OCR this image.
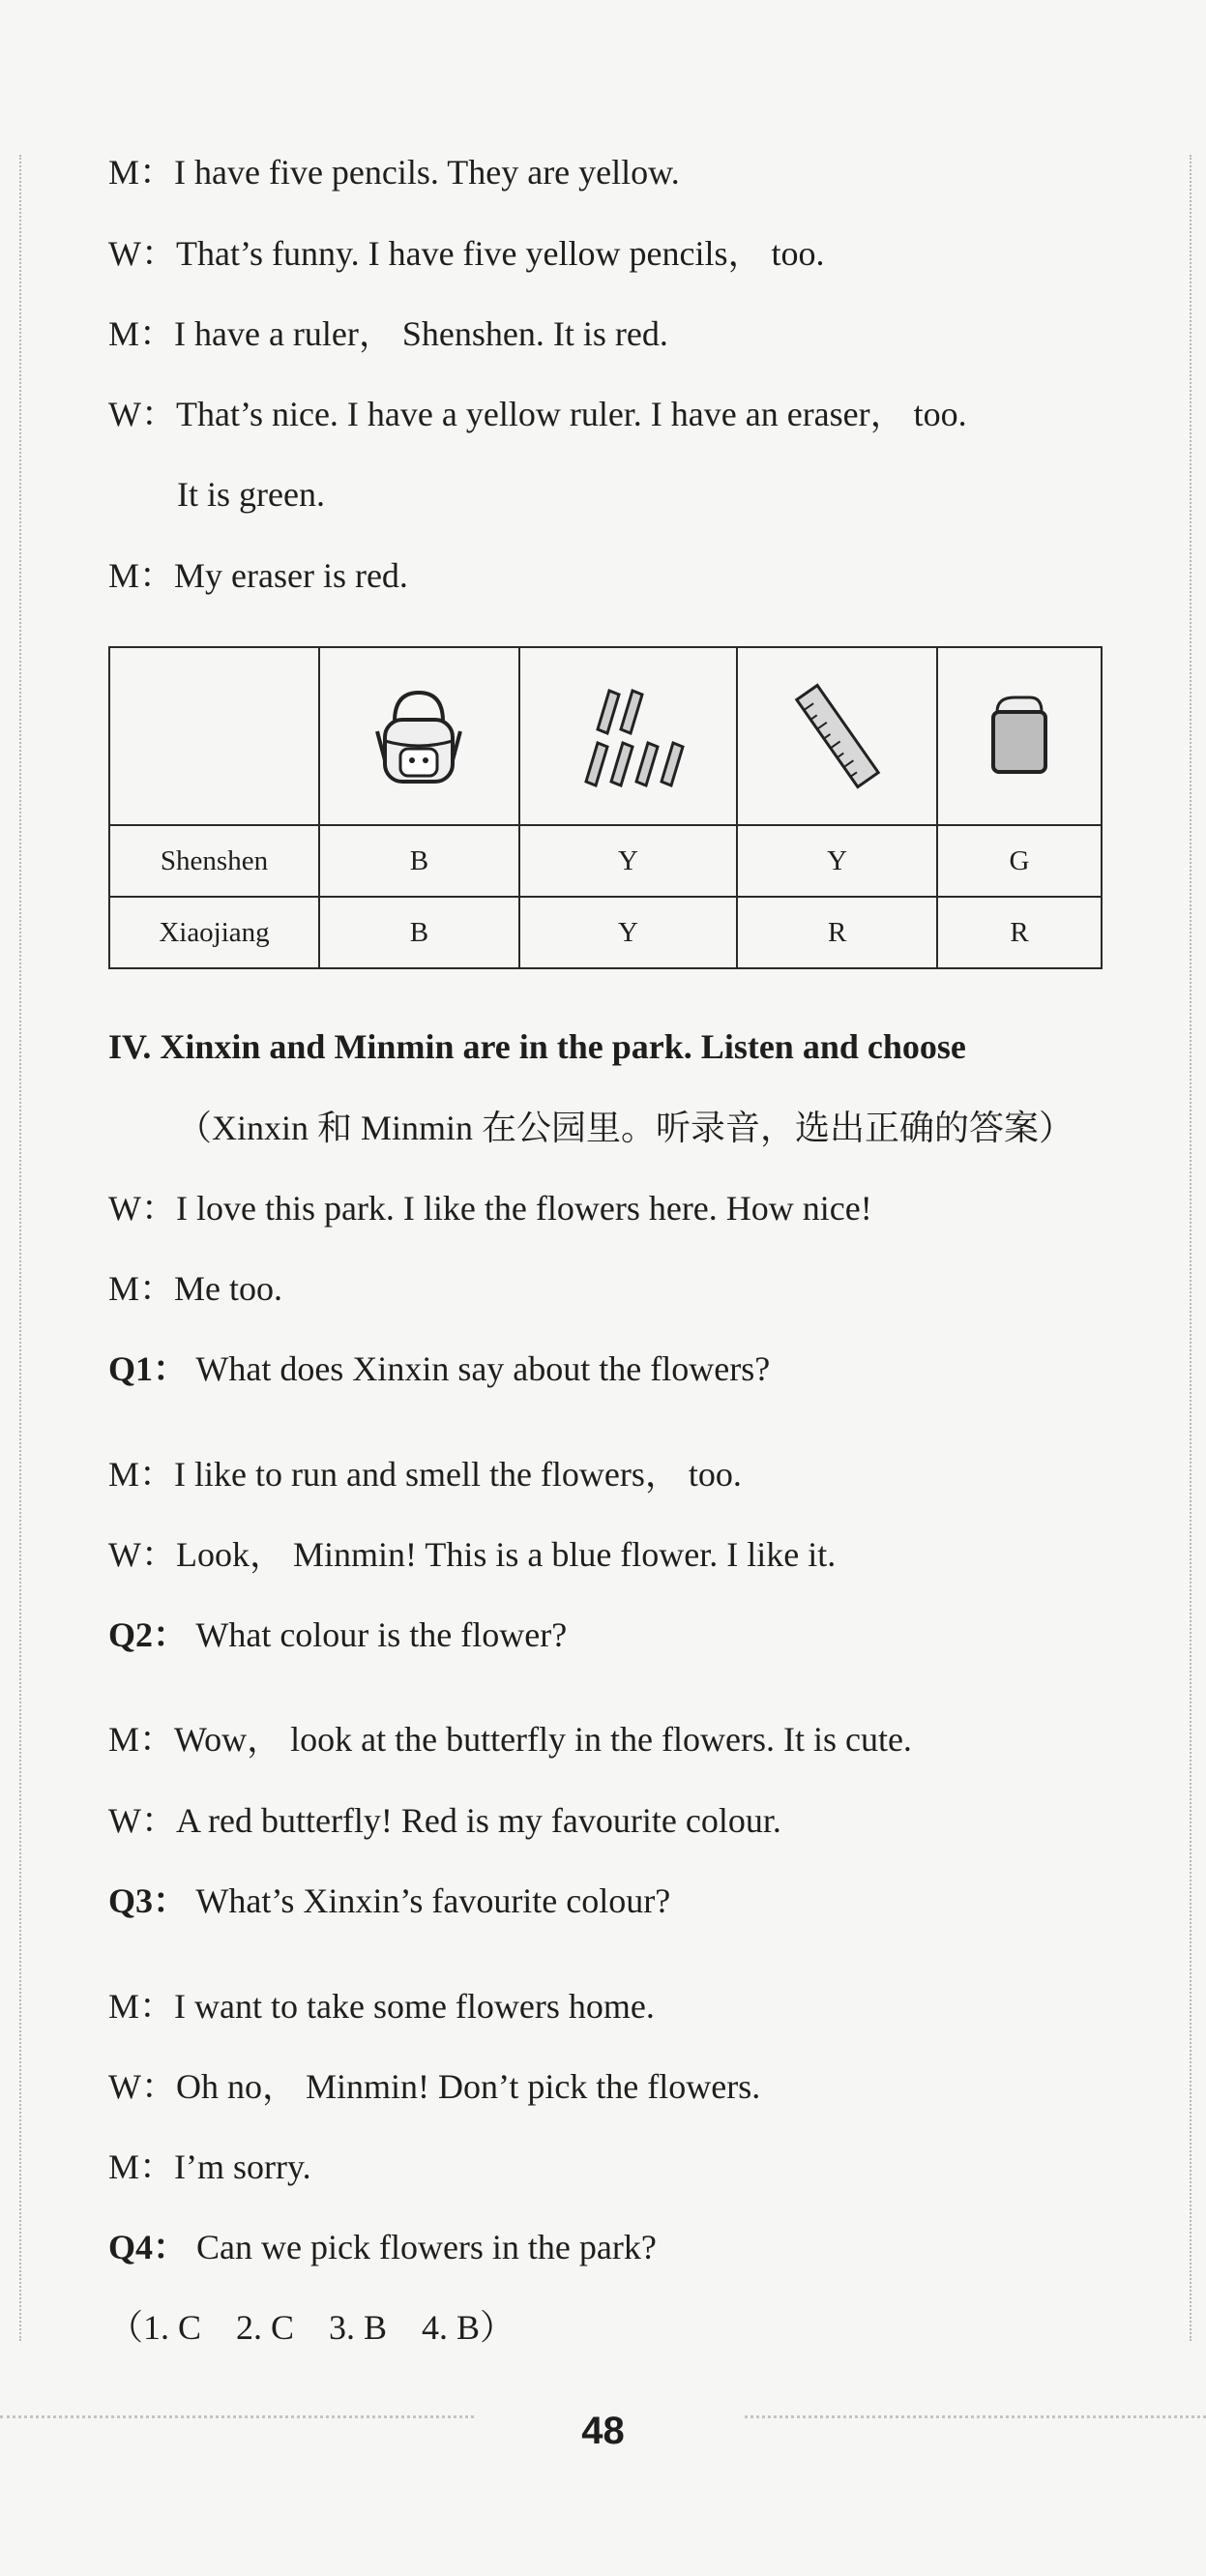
M：I have five pencils. They are yellow.
W：That’s funny. I have five yellow pencils， too.
M：I have a ruler， Shenshen. It is red.
W：That’s nice. I have a yellow ruler. I have an eraser， too.
It is green.
M：My eraser is red.

Shenshen	B	Y	Y	G
Xiaojiang	B	Y	R	R
IV. Xinxin and Minmin are in the park. Listen and choose
（Xinxin 和 Minmin 在公园里。听录音，选出正确的答案）
W：I love this park. I like the flowers here. How nice!
M：Me too.
Q1： What does Xinxin say about the flowers?
M：I like to run and smell the flowers， too.
W：Look， Minmin! This is a blue flower. I like it.
Q2： What colour is the flower?
M：Wow， look at the butterfly in the flowers. It is cute.
W：A red butterfly! Red is my favourite colour.
Q3： What’s Xinxin’s favourite colour?
M：I want to take some flowers home.
W：Oh no， Minmin! Don’t pick the flowers.
M：I’m sorry.
Q4： Can we pick flowers in the park?
（1. C 2. C 3. B 4. B）
48
